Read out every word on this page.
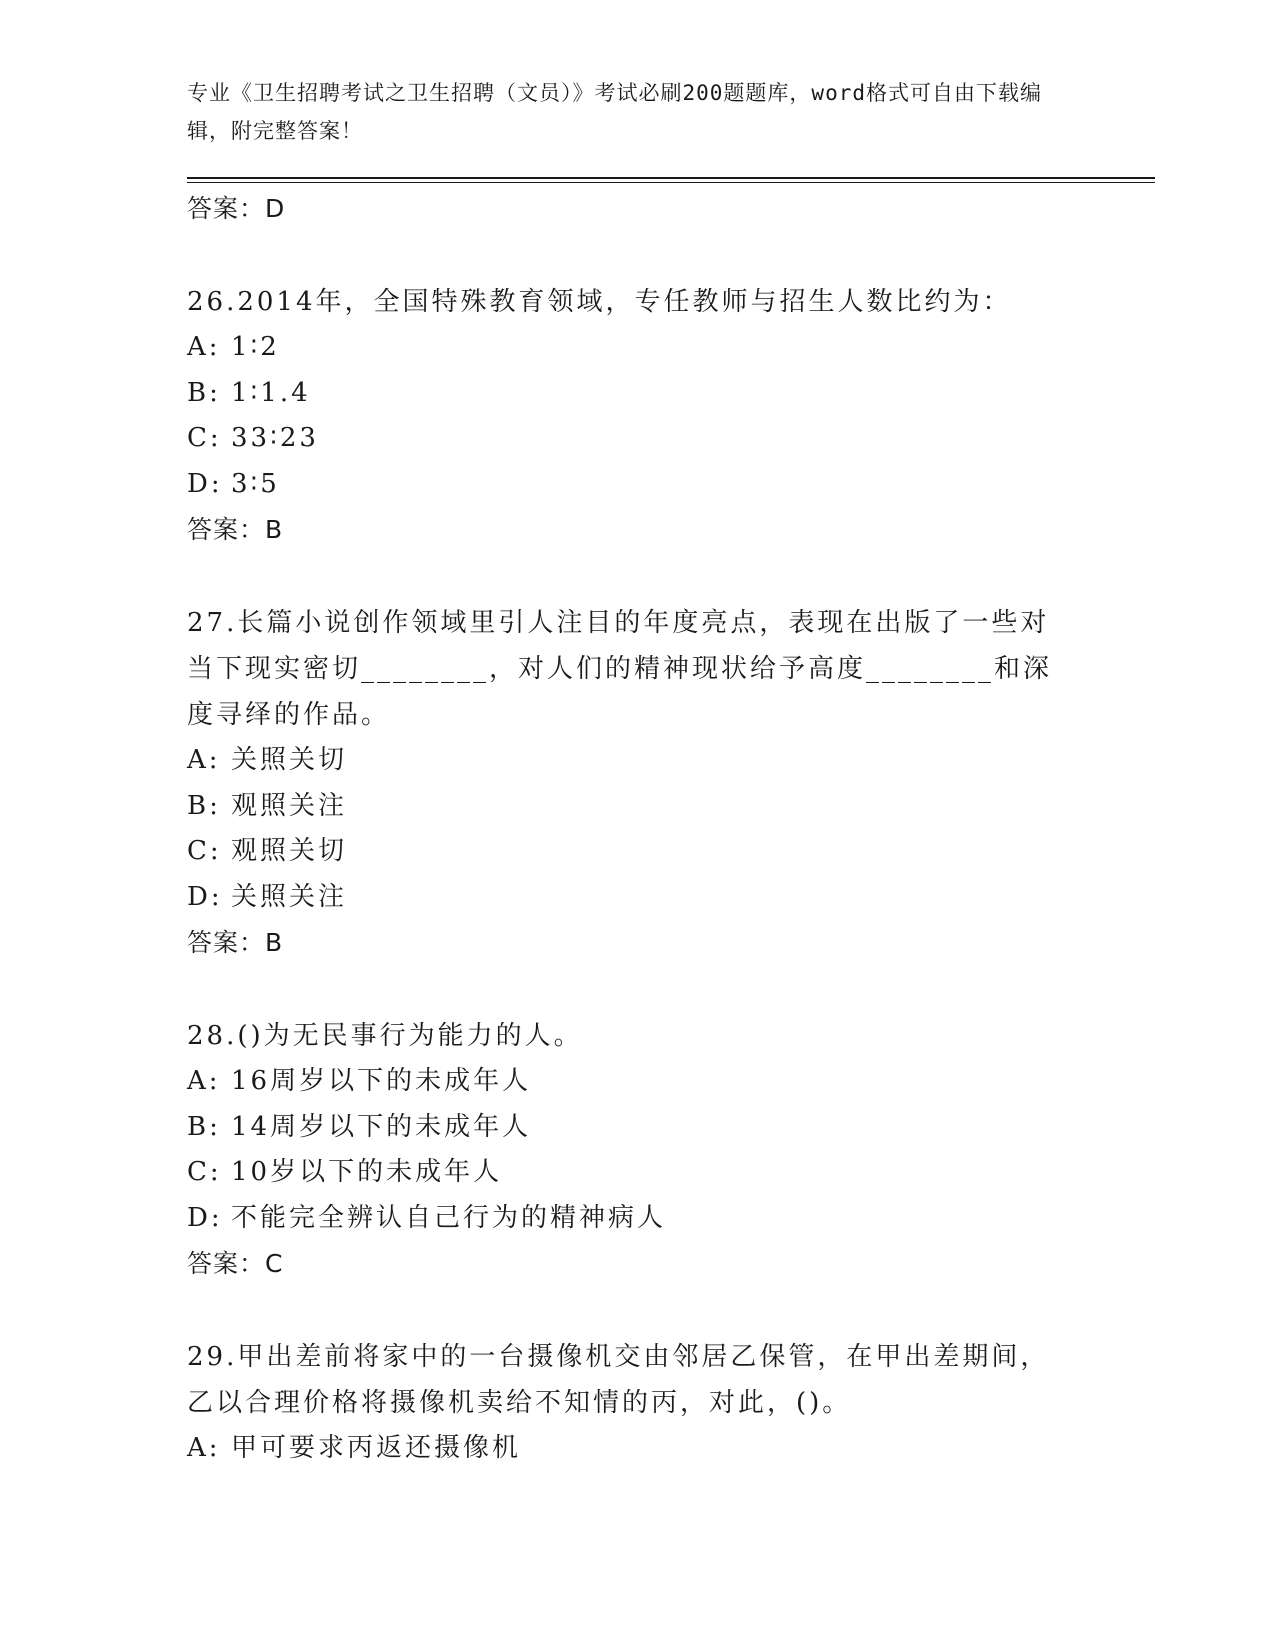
专业《卫生招聘考试之卫生招聘（文员）》考试必刷200题题库，word格式可自由下载编辑，附完整答案！
答案：D
26.2014年，全国特殊教育领域，专任教师与招生人数比约为：
A: 1∶2
B: 1∶1.4
C: 33∶23
D: 3∶5
答案：B
27.长篇小说创作领域里引人注目的年度亮点，表现在出版了一些对当下现实密切________，对人们的精神现状给予高度________和深度寻绎的作品。
A: 关照关切
B: 观照关注
C: 观照关切
D: 关照关注
答案：B
28.()为无民事行为能力的人。
A: 16周岁以下的未成年人
B: 14周岁以下的未成年人
C: 10岁以下的未成年人
D: 不能完全辨认自己行为的精神病人
答案：C
29.甲出差前将家中的一台摄像机交由邻居乙保管，在甲出差期间，乙以合理价格将摄像机卖给不知情的丙，对此，()。
A: 甲可要求丙返还摄像机
